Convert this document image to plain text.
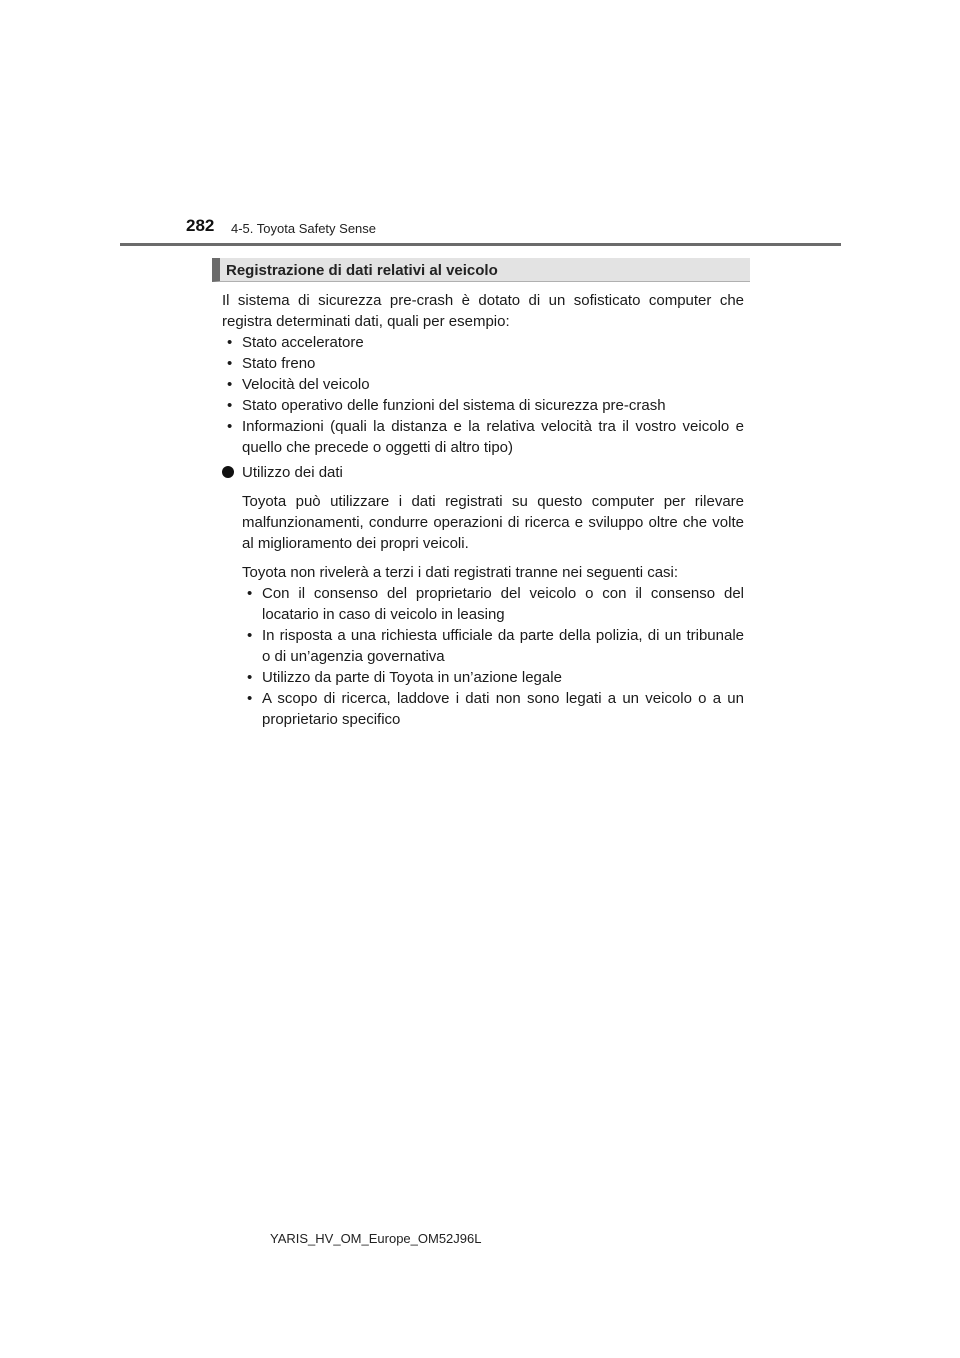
282 4-5. Toyota Safety Sense
Registrazione di dati relativi al veicolo

Il sistema di sicurezza pre-crash è dotato di un sofisticato computer che registra determinati dati, quali per esempio:

• Stato acceleratore
• Stato freno
• Velocità del veicolo
• Stato operativo delle funzioni del sistema di sicurezza pre-crash
• Informazioni (quali la distanza e la relativa velocità tra il vostro veicolo e quello che precede o oggetti di altro tipo)
Utilizzo dei dati

Toyota può utilizzare i dati registrati su questo computer per rilevare malfunzionamenti, condurre operazioni di ricerca e sviluppo oltre che volte al miglioramento dei propri veicoli.

Toyota non rivelerà a terzi i dati registrati tranne nei seguenti casi:

• Con il consenso del proprietario del veicolo o con il consenso del locatario in caso di veicolo in leasing
• In risposta a una richiesta ufficiale da parte della polizia, di un tribunale o di un’agenzia governativa
• Utilizzo da parte di Toyota in un’azione legale
• A scopo di ricerca, laddove i dati non sono legati a un veicolo o a un proprietario specifico
YARIS_HV_OM_Europe_OM52J96L
